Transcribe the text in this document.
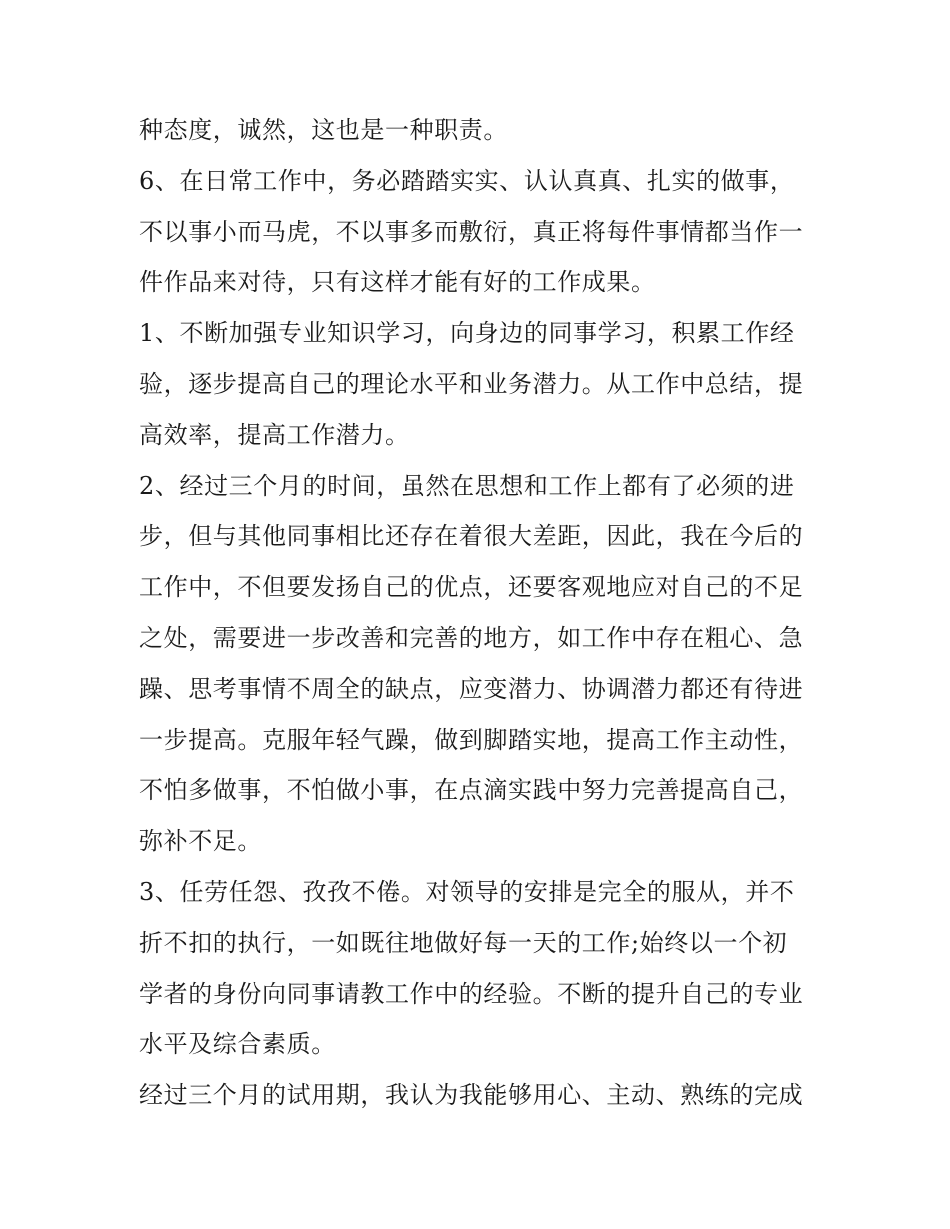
种态度，诚然，这也是一种职责。
6、在日常工作中，务必踏踏实实、认认真真、扎实的做事，
不以事小而马虎，不以事多而敷衍，真正将每件事情都当作一
件作品来对待，只有这样才能有好的工作成果。
1、不断加强专业知识学习，向身边的同事学习，积累工作经
验，逐步提高自己的理论水平和业务潜力。从工作中总结，提
高效率，提高工作潜力。
2、经过三个月的时间，虽然在思想和工作上都有了必须的进
步，但与其他同事相比还存在着很大差距，因此，我在今后的
工作中，不但要发扬自己的优点，还要客观地应对自己的不足
之处，需要进一步改善和完善的地方，如工作中存在粗心、急
躁、思考事情不周全的缺点，应变潜力、协调潜力都还有待进
一步提高。克服年轻气躁，做到脚踏实地，提高工作主动性，
不怕多做事，不怕做小事，在点滴实践中努力完善提高自己，
弥补不足。
3、任劳任怨、孜孜不倦。对领导的安排是完全的服从，并不
折不扣的执行，一如既往地做好每一天的工作;始终以一个初
学者的身份向同事请教工作中的经验。不断的提升自己的专业
水平及综合素质。
经过三个月的试用期，我认为我能够用心、主动、熟练的完成
